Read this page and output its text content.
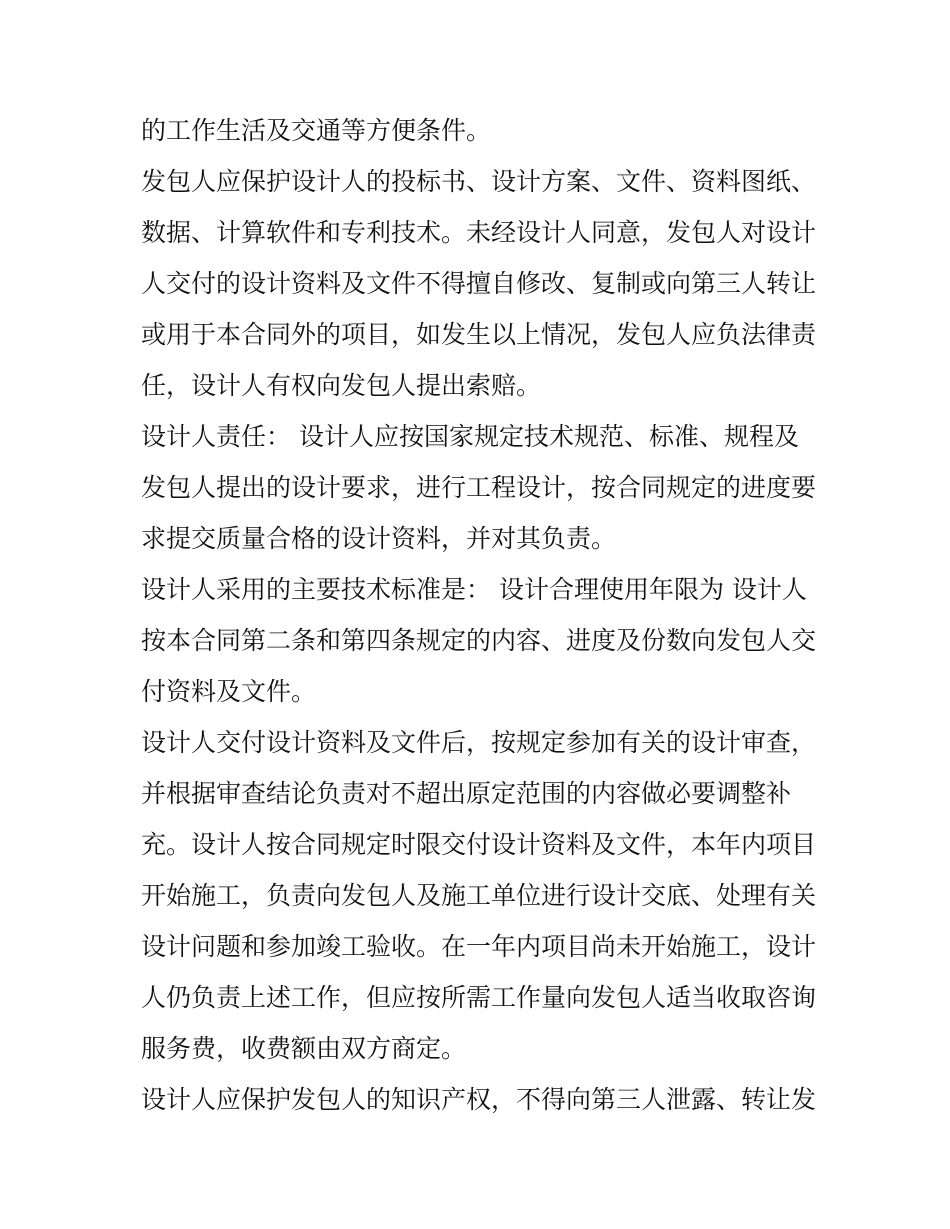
的工作生活及交通等方便条件。
发包人应保护设计人的投标书、设计方案、文件、资料图纸、
数据、计算软件和专利技术。未经设计人同意，发包人对设计
人交付的设计资料及文件不得擅自修改、复制或向第三人转让
或用于本合同外的项目，如发生以上情况，发包人应负法律责
任，设计人有权向发包人提出索赔。
设计人责任： 设计人应按国家规定技术规范、标准、规程及
发包人提出的设计要求，进行工程设计，按合同规定的进度要
求提交质量合格的设计资料，并对其负责。
设计人采用的主要技术标准是： 设计合理使用年限为 设计人
按本合同第二条和第四条规定的内容、进度及份数向发包人交
付资料及文件。
设计人交付设计资料及文件后，按规定参加有关的设计审查，
并根据审查结论负责对不超出原定范围的内容做必要调整补
充。设计人按合同规定时限交付设计资料及文件，本年内项目
开始施工，负责向发包人及施工单位进行设计交底、处理有关
设计问题和参加竣工验收。在一年内项目尚未开始施工，设计
人仍负责上述工作，但应按所需工作量向发包人适当收取咨询
服务费，收费额由双方商定。
设计人应保护发包人的知识产权，不得向第三人泄露、转让发
